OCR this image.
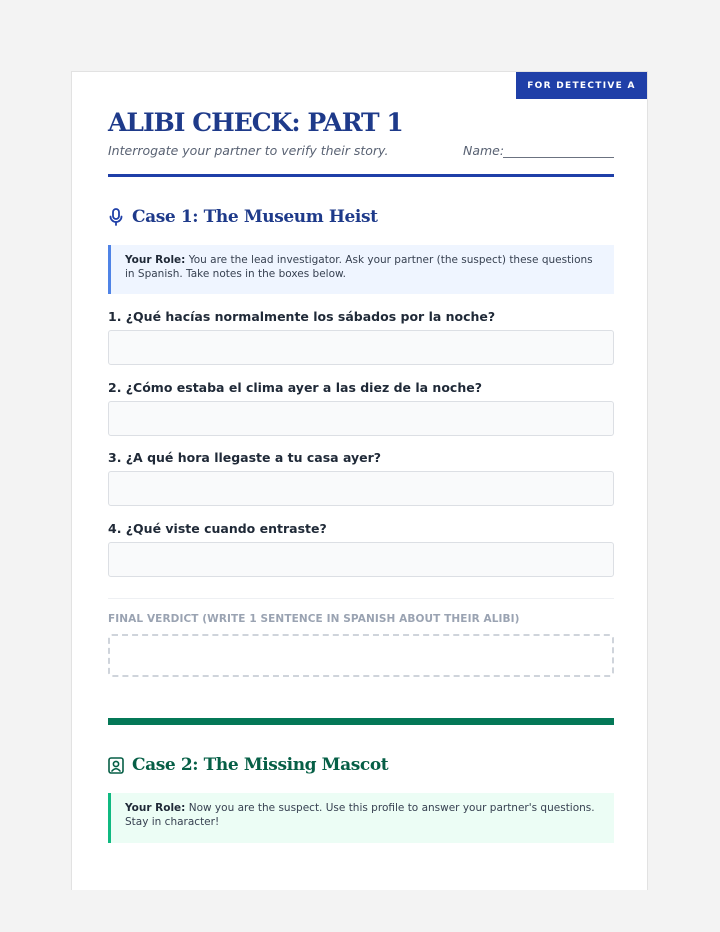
FOR DETECTIVE A
ALIBI CHECK: PART 1
Interrogate your partner to verify their story.	Name:
Case 1: The Museum Heist
Your Role: You are the lead investigator. Ask your partner (the suspect) these questions in Spanish. Take notes in the boxes below.
1. ¿Qué hacías normalmente los sábados por la noche?
2. ¿Cómo estaba el clima ayer a las diez de la noche?
3. ¿A qué hora llegaste a tu casa ayer?
4. ¿Qué viste cuando entraste?
FINAL VERDICT (WRITE 1 SENTENCE IN SPANISH ABOUT THEIR ALIBI)
Case 2: The Missing Mascot
Your Role: Now you are the suspect. Use this profile to answer your partner's questions. Stay in character!
